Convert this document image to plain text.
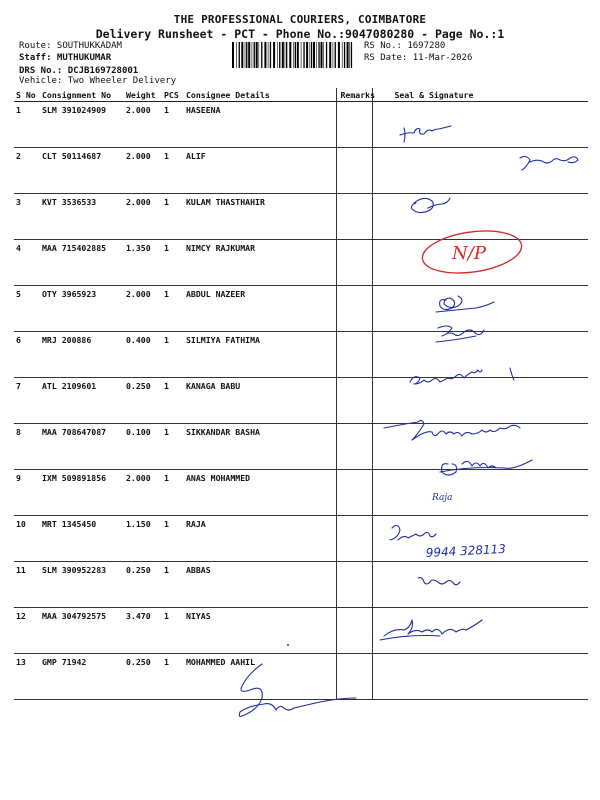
THE PROFESSIONAL COURIERS, COIMBATORE
Delivery Runsheet - PCT - Phone No.:9047080280 - Page No.:1
Route: SOUTHUKKADAM
Staff: MUTHUKUMAR
DRS No.: DCJB169728001
Vehicle: Two Wheeler Delivery
RS No.: 1697280
RS Date: 11-Mar-2026
S No	Consignment No	Weight	PCS	Consignee Details	Remarks	Seal & Signature
1	SLM 391024909	2.000	1	HASEENA		
2	CLT 50114687	2.000	1	ALIF		
3	KVT 3536533	2.000	1	KULAM THASTHAHIR		
4	MAA 715402885	1.350	1	NIMCY RAJKUMAR		
5	OTY 3965923	2.000	1	ABDUL NAZEER		
6	MRJ 200886	0.400	1	SILMIYA FATHIMA		
7	ATL 2109601	0.250	1	KANAGA BABU		
8	MAA 708647087	0.100	1	SIKKANDAR BASHA		
9	IXM 509891856	2.000	1	ANAS MOHAMMED		
10	MRT 1345450	1.150	1	RAJA		
11	SLM 390952283	0.250	1	ABBAS		
12	MAA 304792575	3.470	1	NIYAS		
13	GMP 71942	0.250	1	MOHAMMED AAHIL		
N/P
Raja
9944 328113
